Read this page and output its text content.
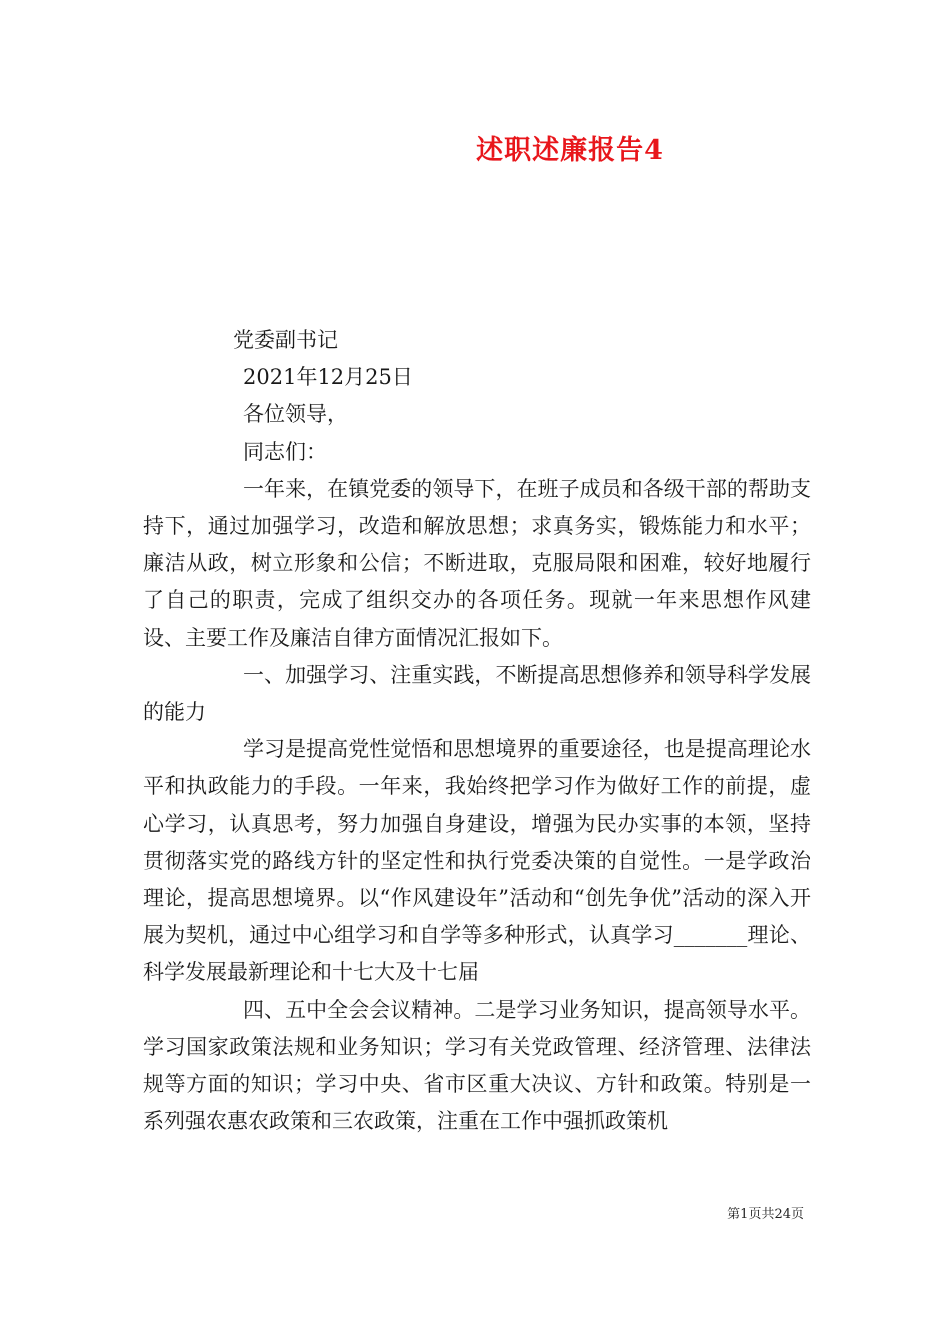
述职述廉报告4

党委副书记

2021年12月25日

各位领导，

同志们：

一年来，在镇党委的领导下，在班子成员和各级干部的帮助支持下，通过加强学习，改造和解放思想；求真务实，锻炼能力和水平；廉洁从政，树立形象和公信；不断进取，克服局限和困难，较好地履行了自己的职责，完成了组织交办的各项任务。现就一年来思想作风建设、主要工作及廉洁自律方面情况汇报如下。

一、加强学习、注重实践，不断提高思想修养和领导科学发展的能力

学习是提高党性觉悟和思想境界的重要途径，也是提高理论水平和执政能力的手段。一年来，我始终把学习作为做好工作的前提，虚心学习，认真思考，努力加强自身建设，增强为民办实事的本领，坚持贯彻落实党的路线方针的坚定性和执行党委决策的自觉性。一是学政治理论，提高思想境界。以“作风建设年”活动和“创先争优”活动的深入开展为契机，通过中心组学习和自学等多种形式，认真学习_______理论、科学发展最新理论和十七大及十七届

四、五中全会会议精神。二是学习业务知识，提高领导水平。学习国家政策法规和业务知识；学习有关党政管理、经济管理、法律法规等方面的知识；学习中央、省市区重大决议、方针和政策。特别是一系列强农惠农政策和三农政策，注重在工作中强抓政策机

第1页共24页
